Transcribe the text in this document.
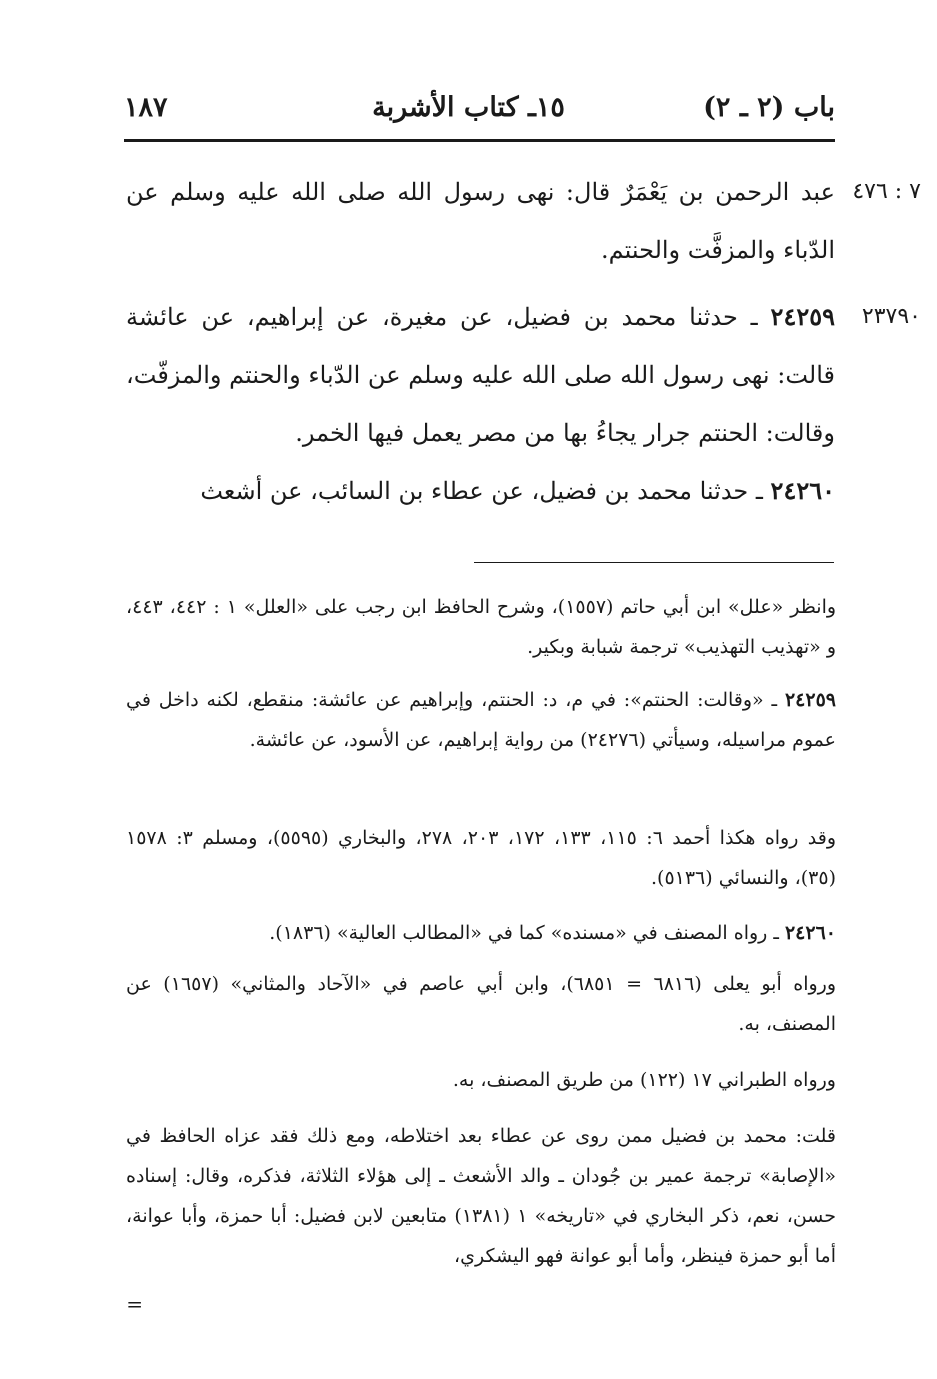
١٨٧	١٥ـ كتاب الأشربة	باب (٢ ـ ٢)
٧ : ٤٧٦

عبد الرحمن بن يَعْمَرٌ قال: نهى رسول الله صلى الله عليه وسلم عن الدّباء والمزفَّت والحنتم.

٢٣٧٩٠

٢٤٢٥٩ ـ حدثنا محمد بن فضيل، عن مغيرة، عن إبراهيم، عن عائشة قالت: نهى رسول الله صلى الله عليه وسلم عن الدّباء والحنتم والمزفّت، وقالت: الحنتم جرار يجاءُ بها من مصر يعمل فيها الخمر.

٢٤٢٦٠ ـ حدثنا محمد بن فضيل، عن عطاء بن السائب، عن أشعث

وانظر «علل» ابن أبي حاتم (١٥٥٧)، وشرح الحافظ ابن رجب على «العلل» ١ : ٤٤٢، ٤٤٣، و «تهذيب التهذيب» ترجمة شبابة وبكير.

٢٤٢٥٩ ـ «وقالت: الحنتم»: في م، د: الحنتم، وإبراهيم عن عائشة: منقطع، لكنه داخل في عموم مراسيله، وسيأتي (٢٤٢٧٦) من رواية إبراهيم، عن الأسود، عن عائشة.

وقد رواه هكذا أحمد ٦: ١١٥، ١٣٣، ١٧٢، ٢٠٣، ٢٧٨، والبخاري (٥٥٩٥)، ومسلم ٣: ١٥٧٨ (٣٥)، والنسائي (٥١٣٦).

٢٤٢٦٠ ـ رواه المصنف في «مسنده» كما في «المطالب العالية» (١٨٣٦).

ورواه أبو يعلى (٦٨١٦ = ٦٨٥١)، وابن أبي عاصم في «الآحاد والمثاني» (١٦٥٧) عن المصنف، به.

ورواه الطبراني ١٧ (١٢٢) من طريق المصنف، به.

قلت: محمد بن فضيل ممن روى عن عطاء بعد اختلاطه، ومع ذلك فقد عزاه الحافظ في «الإصابة» ترجمة عمير بن جُودان ـ والد الأشعث ـ إلى هؤلاء الثلاثة، فذكره، وقال: إسناده حسن، نعم، ذكر البخاري في «تاريخه» ١ (١٣٨١) متابعين لابن فضيل: أبا حمزة، وأبا عوانة، أما أبو حمزة فينظر، وأما أبو عوانة فهو اليشكري،

=
